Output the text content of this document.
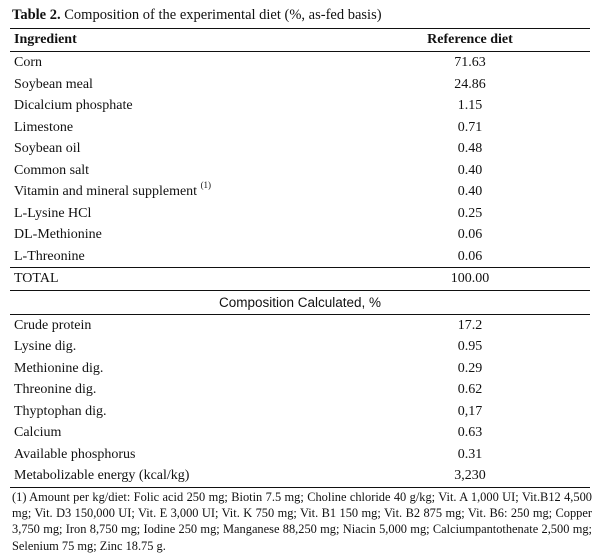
Table 2. Composition of the experimental diet (%, as-fed basis)
Ingredient	Reference diet
Corn	71.63
Soybean meal	24.86
Dicalcium phosphate	1.15
Limestone	0.71
Soybean oil	0.48
Common salt	0.40
Vitamin and mineral supplement $^{(1)}$	0.40
L-Lysine HCl	0.25
DL-Methionine	0.06
L-Threonine	0.06
TOTAL	100.00
Composition Calculated, %	
Crude protein	17.2
Lysine dig.	0.95
Methionine dig.	0.29
Threonine dig.	0.62
Thyptophan dig.	0,17
Calcium	0.63
Available phosphorus	0.31
Metabolizable energy (kcal/kg)	3,230
(1) Amount per kg/diet: Folic acid 250 mg; Biotin 7.5 mg; Choline chloride 40 g/kg; Vit. A 1,000 UI; Vit.B12 4,500 mg; Vit. D3 150,000 UI; Vit. E 3,000 UI; Vit. K 750 mg; Vit. B1 150 mg; Vit. B2 875 mg; Vit. B6: 250 mg; Copper 3,750 mg; Iron 8,750 mg; Iodine 250 mg; Manganese 88,250 mg; Niacin 5,000 mg; Calciumpantothenate 2,500 mg; Selenium 75 mg; Zinc 18.75 g.
